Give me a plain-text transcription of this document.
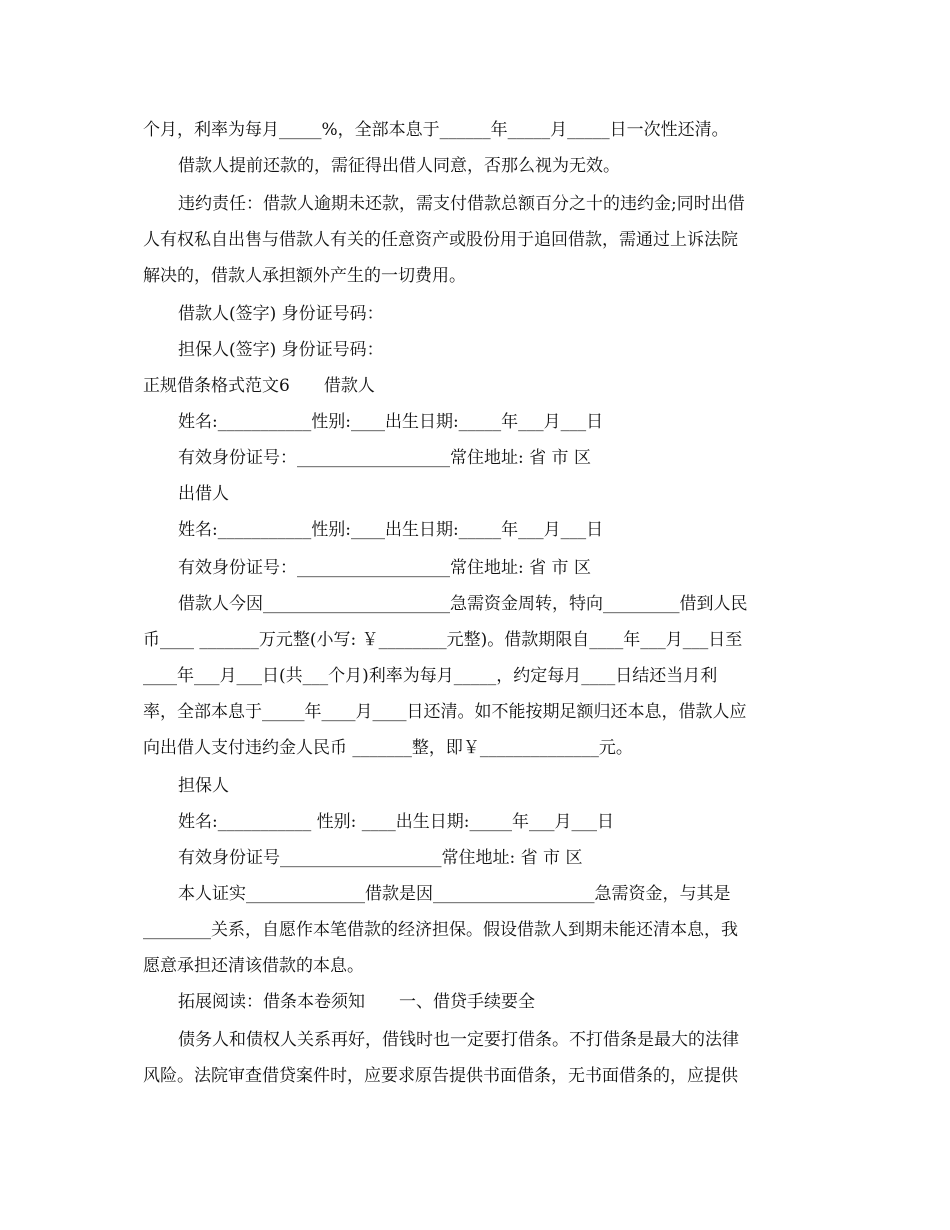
个月，利率为每月_____%，全部本息于______年_____月_____日一次性还清。
借款人提前还款的，需征得出借人同意，否那么视为无效。
违约责任：借款人逾期未还款，需支付借款总额百分之十的违约金;同时出借
人有权私自出售与借款人有关的任意资产或股份用于追回借款，需通过上诉法院
解决的，借款人承担额外产生的一切费用。
借款人(签字) 身份证号码：
担保人(签字) 身份证号码：
正规借条格式范文6　　借款人
姓名:___________性别:____出生日期:_____年___月___日
有效身份证号：__________________常住地址: 省 市 区
出借人
姓名:___________性别:____出生日期:_____年___月___日
有效身份证号：__________________常住地址: 省 市 区
借款人今因______________________急需资金周转，特向_________借到人民
币____ _______万元整(小写: ￥________元整)。借款期限自____年___月___日至
____年___月___日(共___个月)利率为每月_____，约定每月____日结还当月利
率，全部本息于_____年____月____日还清。如不能按期足额归还本息，借款人应
向出借人支付违约金人民币 _______整，即￥______________元。
担保人
姓名:___________ 性别: ____出生日期:_____年___月___日
有效身份证号___________________常住地址: 省 市 区
本人证实______________借款是因___________________急需资金，与其是
________关系，自愿作本笔借款的经济担保。假设借款人到期未能还清本息，我
愿意承担还清该借款的本息。
拓展阅读：借条本卷须知　　一、借贷手续要全
债务人和债权人关系再好，借钱时也一定要打借条。不打借条是最大的法律
风险。法院审查借贷案件时，应要求原告提供书面借条，无书面借条的，应提供
